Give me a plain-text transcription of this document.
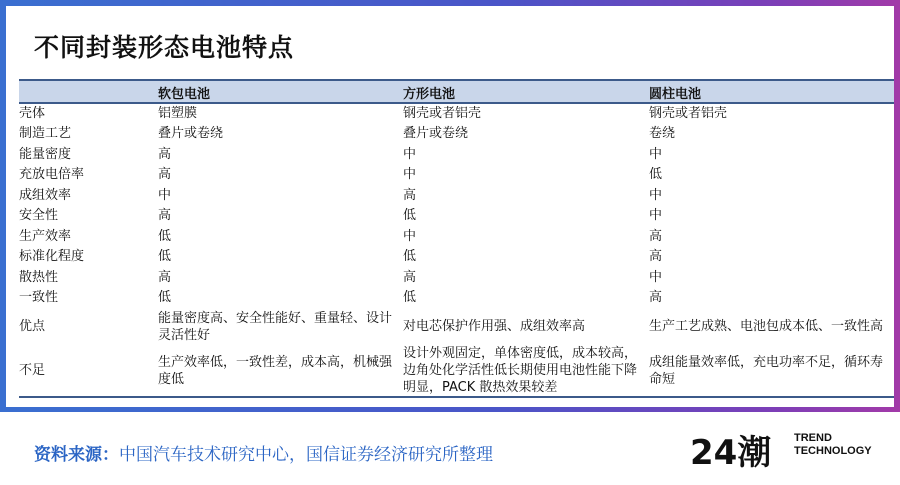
不同封装形态电池特点
	软包电池	方形电池	圆柱电池
壳体	铝塑膜	钢壳或者铝壳	钢壳或者铝壳
制造工艺	叠片或卷绕	叠片或卷绕	卷绕
能量密度	高	中	中
充放电倍率	高	中	低
成组效率	中	高	中
安全性	高	低	中
生产效率	低	中	高
标准化程度	低	低	高
散热性	高	高	中
一致性	低	低	高
优点	能量密度高、安全性能好、重量轻、设计灵活性好	对电芯保护作用强、成组效率高	生产工艺成熟、电池包成本低、一致性高
不足	生产效率低，一致性差，成本高，机械强度低	设计外观固定，单体密度低，成本较高，边角处化学活性低长期使用电池性能下降明显，PACK 散热效果较差	成组能量效率低，充电功率不足，循环寿命短
资料来源：中国汽车技术研究中心，国信证券经济研究所整理	24潮 TREND
TECHNOLOGY
